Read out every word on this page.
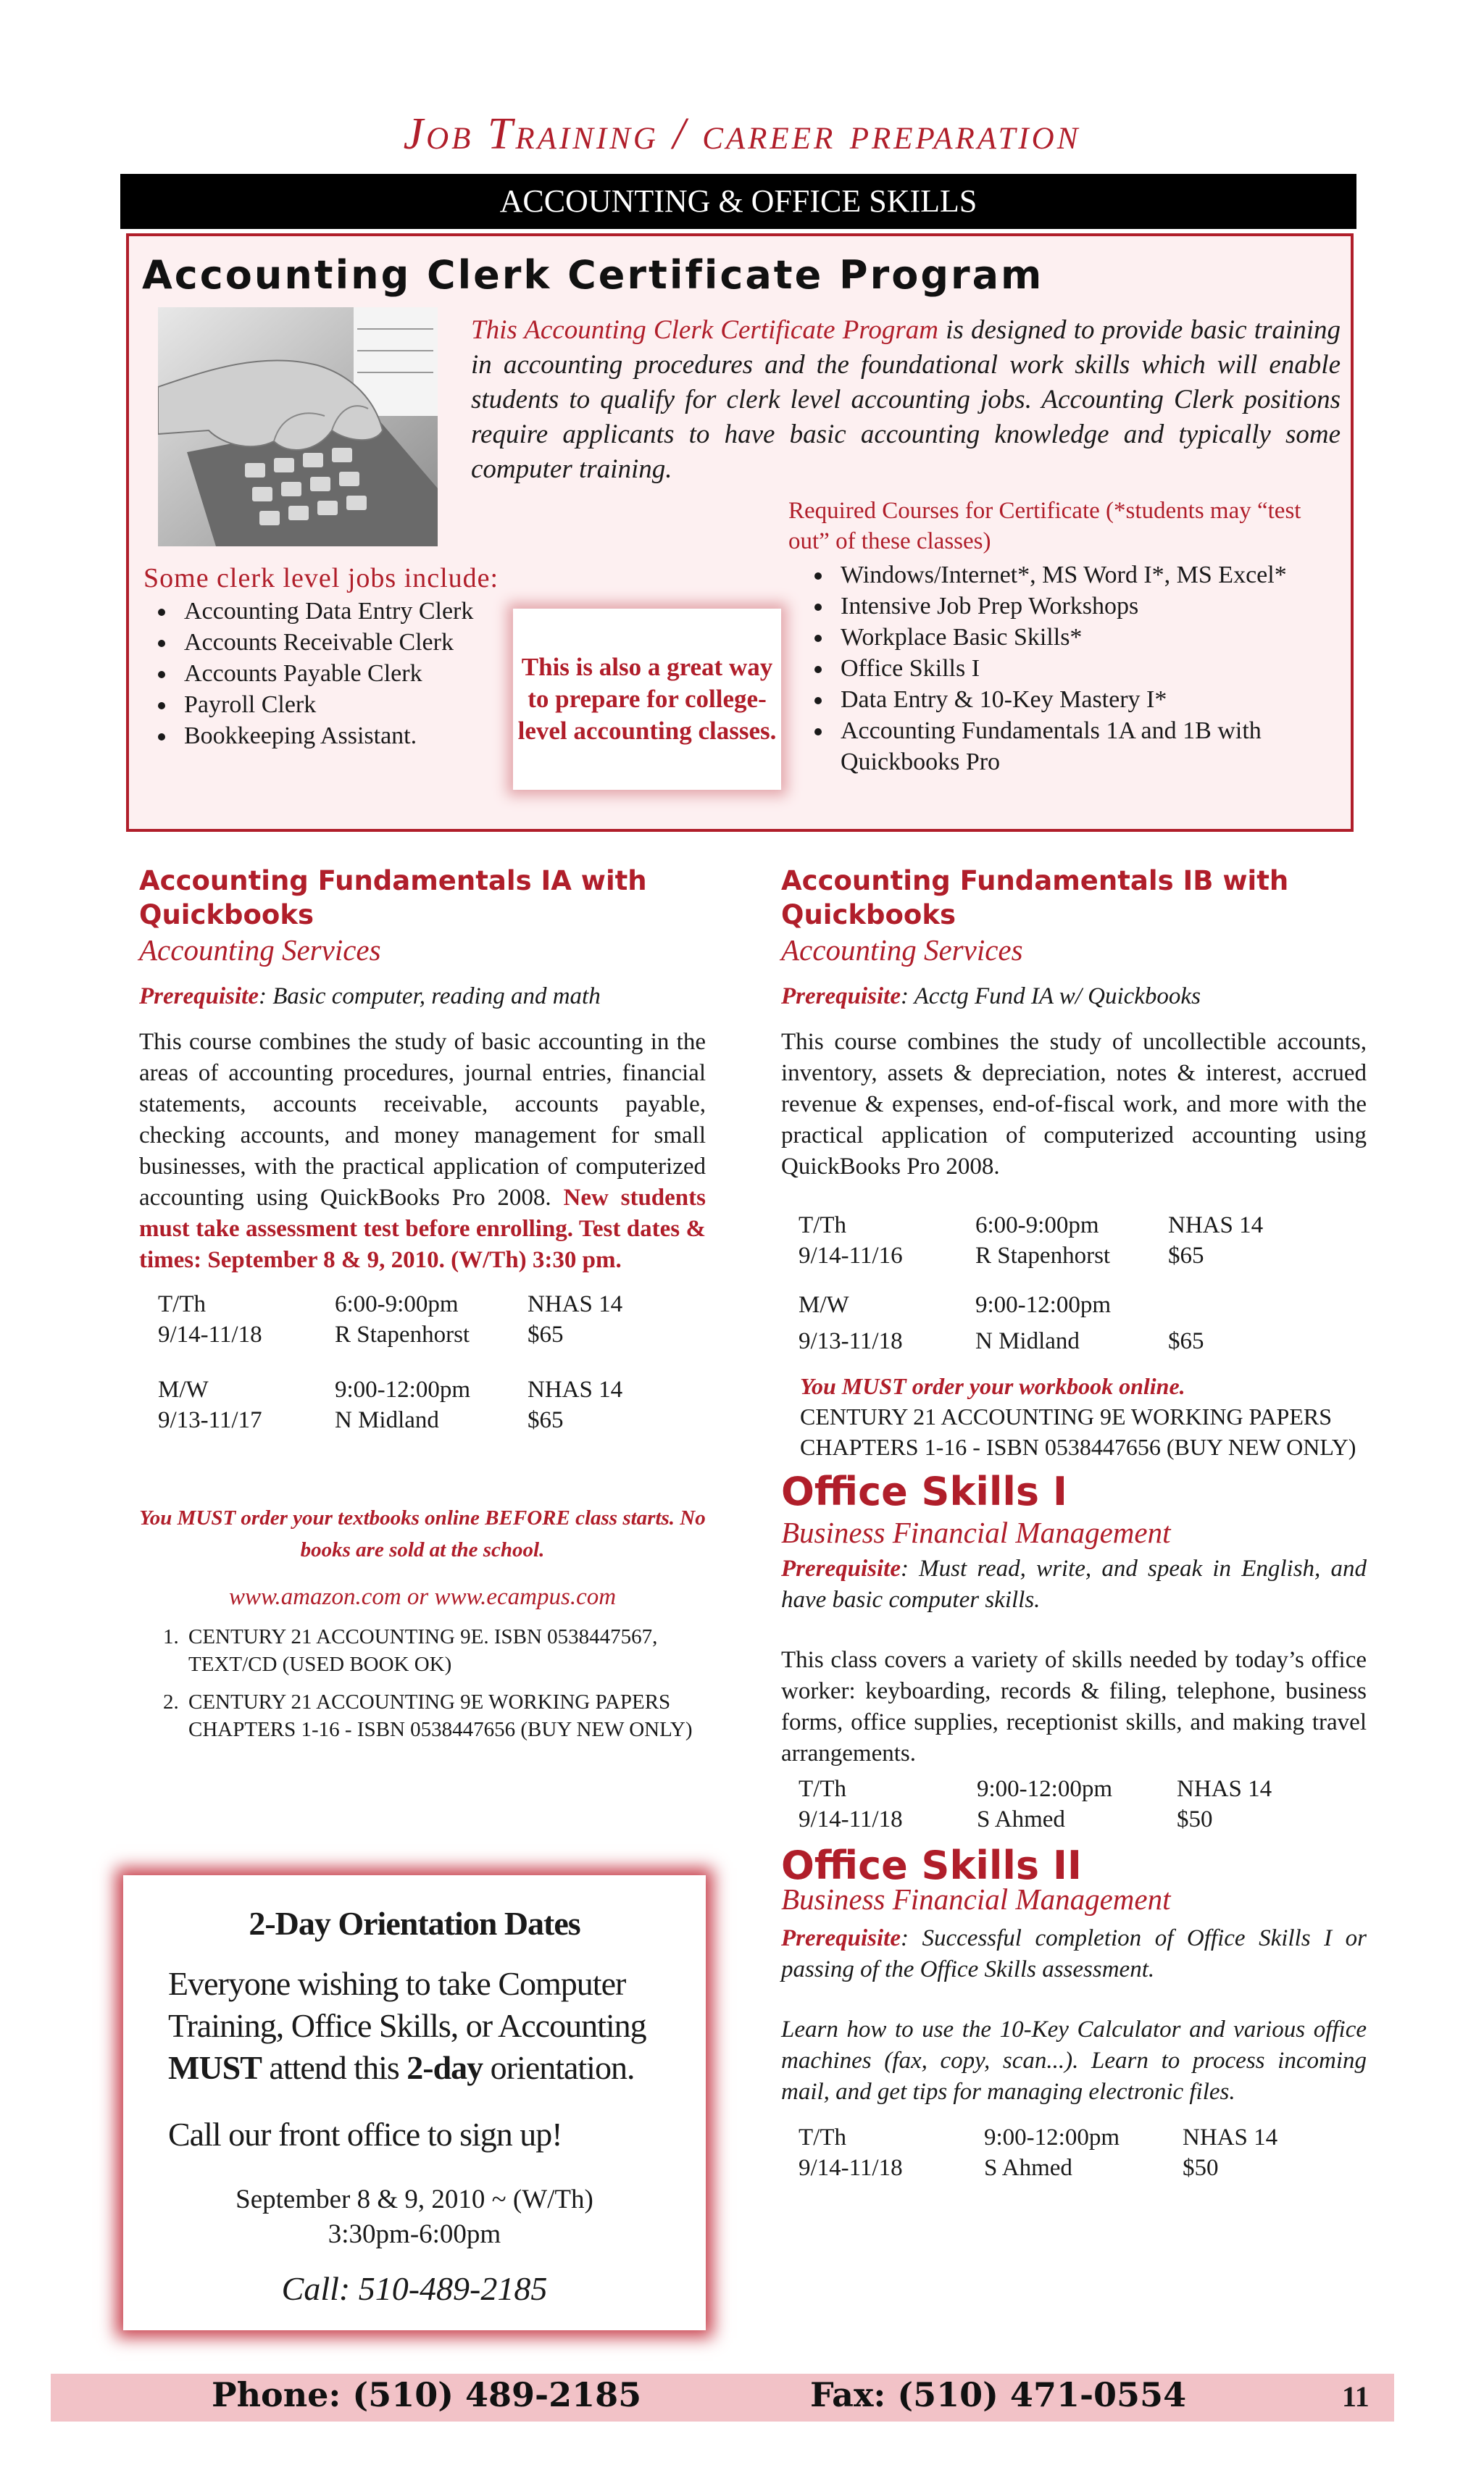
Job Training / career preparation
ACCOUNTING & OFFICE SKILLS
Accounting Clerk Certificate Program
This Accounting Clerk Certificate Program is designed to provide basic training in accounting procedures and the foundational work skills which will enable students to qualify for clerk level accounting jobs. Accounting Clerk positions require applicants to have basic accounting knowledge and typically some computer training.
Required Courses for Certificate (*students may “test out” of these classes)
• Windows/Internet*, MS Word I*, MS Excel*
• Intensive Job Prep Workshops
• Workplace Basic Skills*
• Office Skills I
• Data Entry & 10-Key Mastery I*
• Accounting Fundamentals 1A and 1B with Quickbooks Pro
Some clerk level jobs include:
• Accounting Data Entry Clerk
• Accounts Receivable Clerk
• Accounts Payable Clerk
• Payroll Clerk
• Bookkeeping Assistant.
This is also a great way to prepare for college-level accounting classes.
Accounting Fundamentals IA with Quickbooks
Accounting Services
Prerequisite: Basic computer, reading and math
This course combines the study of basic accounting in the areas of accounting procedures, journal entries, financial statements, accounts receivable, accounts payable, checking accounts, and money management for small businesses, with the practical application of computerized accounting using QuickBooks Pro 2008. New students must take assessment test before enrolling. Test dates & times: September 8 & 9, 2010. (W/Th) 3:30 pm.
T/Th	6:00-9:00pm	NHAS 14
9/14-11/18	R Stapenhorst	$65

M/W	9:00-12:00pm	NHAS 14
9/13-11/17	N Midland	$65
You MUST order your textbooks online BEFORE class starts. No books are sold at the school.
www.amazon.com or www.ecampus.com
1. CENTURY 21 ACCOUNTING 9E. ISBN 0538447567, TEXT/CD (USED BOOK OK)
2. CENTURY 21 ACCOUNTING 9E WORKING PAPERS CHAPTERS 1-16 - ISBN 0538447656 (BUY NEW ONLY)
Accounting Fundamentals IB with Quickbooks
Accounting Services
Prerequisite: Acctg Fund IA w/ Quickbooks
This course combines the study of uncollectible accounts, inventory, assets & depreciation, notes & interest, accrued revenue & expenses, end-of-fiscal work, and more with the practical application of computerized accounting using QuickBooks Pro 2008.
T/Th	6:00-9:00pm	NHAS 14
9/14-11/16	R Stapenhorst	$65

M/W	9:00-12:00pm	
9/13-11/18	N Midland	$65
You MUST order your workbook online.
CENTURY 21 ACCOUNTING 9E WORKING PAPERS CHAPTERS 1-16 - ISBN 0538447656 (BUY NEW ONLY)
Office Skills I
Business Financial Management
Prerequisite: Must read, write, and speak in English, and have basic computer skills.
This class covers a variety of skills needed by today’s office worker: keyboarding, records & filing, telephone, business forms, office supplies, receptionist skills, and making travel arrangements.
T/Th	9:00-12:00pm	NHAS 14
9/14-11/18	S Ahmed	$50
Office Skills II
Business Financial Management
Prerequisite: Successful completion of Office Skills I or passing of the Office Skills assessment.
Learn how to use the 10-Key Calculator and various office machines (fax, copy, scan...). Learn to process incoming mail, and get tips for managing electronic files.
T/Th	9:00-12:00pm	NHAS 14
9/14-11/18	S Ahmed	$50
2-Day Orientation Dates
Everyone wishing to take Computer Training, Office Skills, or Accounting MUST attend this 2-day orientation.
Call our front office to sign up!
September 8 & 9, 2010 ~ (W/Th)
3:30pm-6:00pm
Call: 510-489-2185
Phone: (510) 489-2185	Fax: (510) 471-0554	11
